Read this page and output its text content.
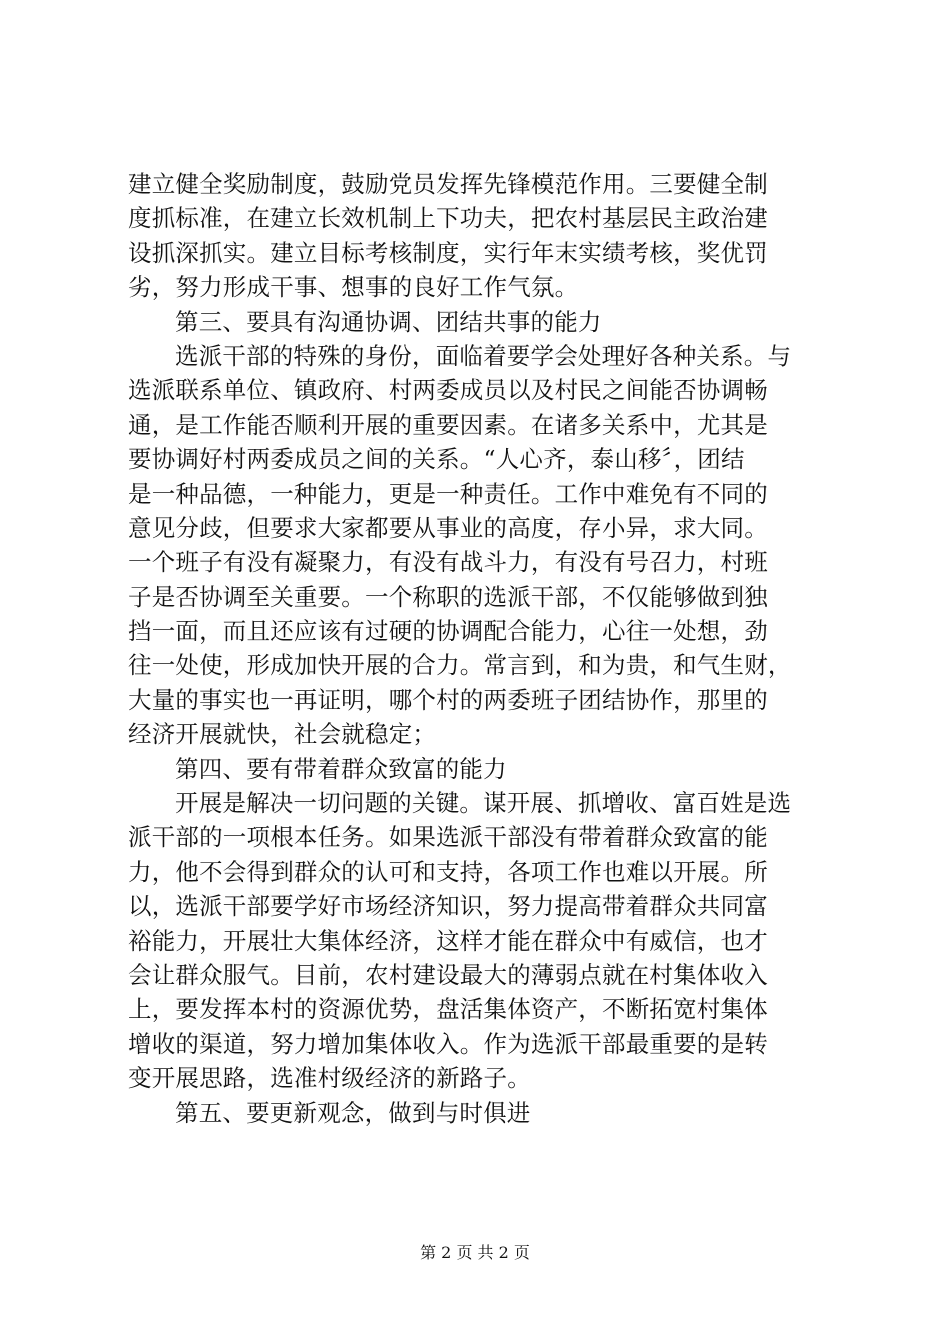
建立健全奖励制度，鼓励党员发挥先锋模范作用。三要健全制
度抓标准，在建立长效机制上下功夫，把农村基层民主政治建
设抓深抓实。建立目标考核制度，实行年末实绩考核，奖优罚
劣，努力形成干事、想事的良好工作气氛。
第三、要具有沟通协调、团结共事的能力
选派干部的特殊的身份，面临着要学会处理好各种关系。与
选派联系单位、镇政府、村两委成员以及村民之间能否协调畅
通，是工作能否顺利开展的重要因素。在诸多关系中，尤其是
要协调好村两委成员之间的关系。“人心齐，泰山移〞，团结
是一种品德，一种能力，更是一种责任。工作中难免有不同的
意见分歧，但要求大家都要从事业的高度，存小异，求大同。
一个班子有没有凝聚力，有没有战斗力，有没有号召力，村班
子是否协调至关重要。一个称职的选派干部，不仅能够做到独
挡一面，而且还应该有过硬的协调配合能力，心往一处想，劲
往一处使，形成加快开展的合力。常言到，和为贵，和气生财，
大量的事实也一再证明，哪个村的两委班子团结协作，那里的
经济开展就快，社会就稳定；
第四、要有带着群众致富的能力
开展是解决一切问题的关键。谋开展、抓增收、富百姓是选
派干部的一项根本任务。如果选派干部没有带着群众致富的能
力，他不会得到群众的认可和支持，各项工作也难以开展。所
以，选派干部要学好市场经济知识，努力提高带着群众共同富
裕能力，开展壮大集体经济，这样才能在群众中有威信，也才
会让群众服气。目前，农村建设最大的薄弱点就在村集体收入
上，要发挥本村的资源优势，盘活集体资产，不断拓宽村集体
增收的渠道，努力增加集体收入。作为选派干部最重要的是转
变开展思路，选准村级经济的新路子。
第五、要更新观念，做到与时俱进
第 2 页 共 2 页
